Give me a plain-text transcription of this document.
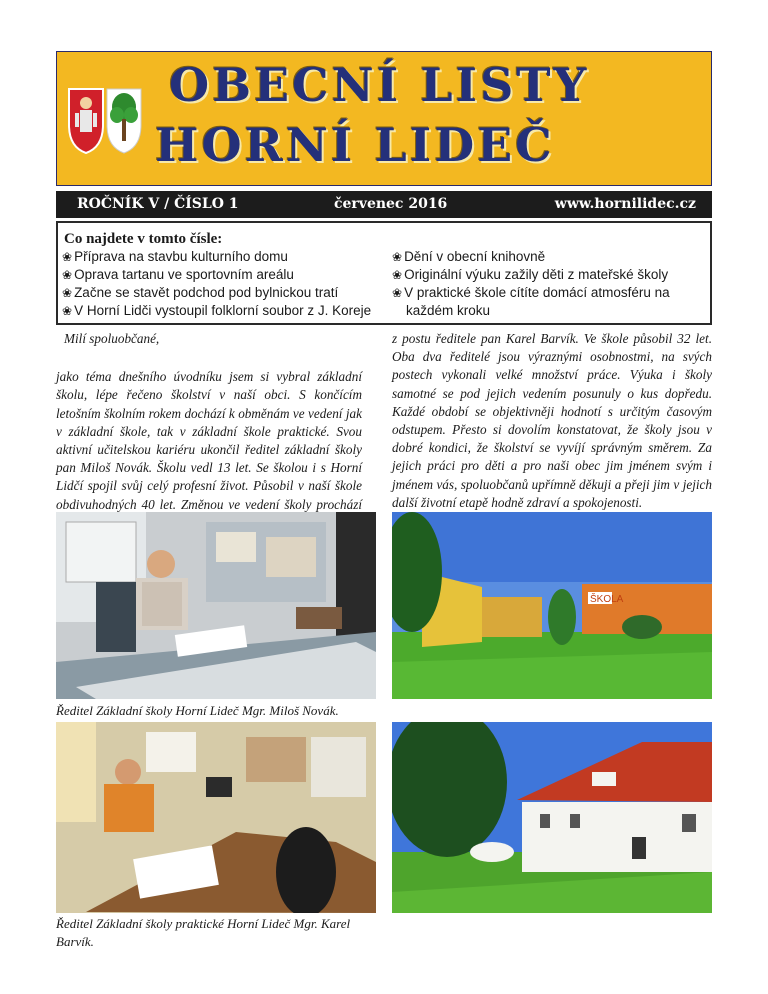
OBECNÍ LISTY
HORNÍ LIDEČ
ROČNÍK V / ČÍSLO 1	červenec 2016	www.hornilidec.cz
Co najdete v tomto čísle:
❀ Příprava na stavbu kulturního domu
❀ Oprava tartanu ve sportovním areálu
❀ Začne se stavět podchod pod bylnickou tratí
❀ V Horní Lidči vystoupil folklorní soubor z J. Koreje
❀ Dění v obecní knihovně
❀ Originální výuku zažily děti z mateřské školy
❀ V praktické škole cítíte domácí atmosféru na
každém kroku

Milí spoluobčané,

jako téma dnešního úvodníku jsem si vybral základní školu, lépe řečeno školství v naší obci. S končícím letošním školním rokem dochází k obměnám ve vedení jak v základní škole, tak v základní škole praktické. Svou aktivní učitelskou kariéru ukončil ředitel základní školy pan Miloš Novák. Školu vedl 13 let. Se školou i s Horní Lidčí spojil svůj celý profesní život. Působil v naší škole obdivuhodných 40 let. Změnou ve vedení školy prochází

z postu ředitele pan Karel Barvík. Ve škole působil 32 let. Oba dva ředitelé jsou výraznými osobnostmi, na svých postech vykonali velké množství práce. Výuka i školy samotné se pod jejich vedením posunuly o kus dopředu. Každé období se objektivněji hodnotí s určitým časovým odstupem. Přesto si dovolím konstatovat, že školy jsou v dobré kondici, že školství se vyvíjí správným směrem. Za jejich práci pro děti a pro naši obec jim jménem svým i jménem vás, spoluobčanů upřímně děkuji a přeji jim v jejich další životní etapě hodně zdraví a spokojenosti.

ŠKOLA
Ředitel Základní školy Horní Lideč Mgr. Miloš Novák.
Ředitel Základní školy praktické Horní Lideč Mgr. Karel Barvík.
